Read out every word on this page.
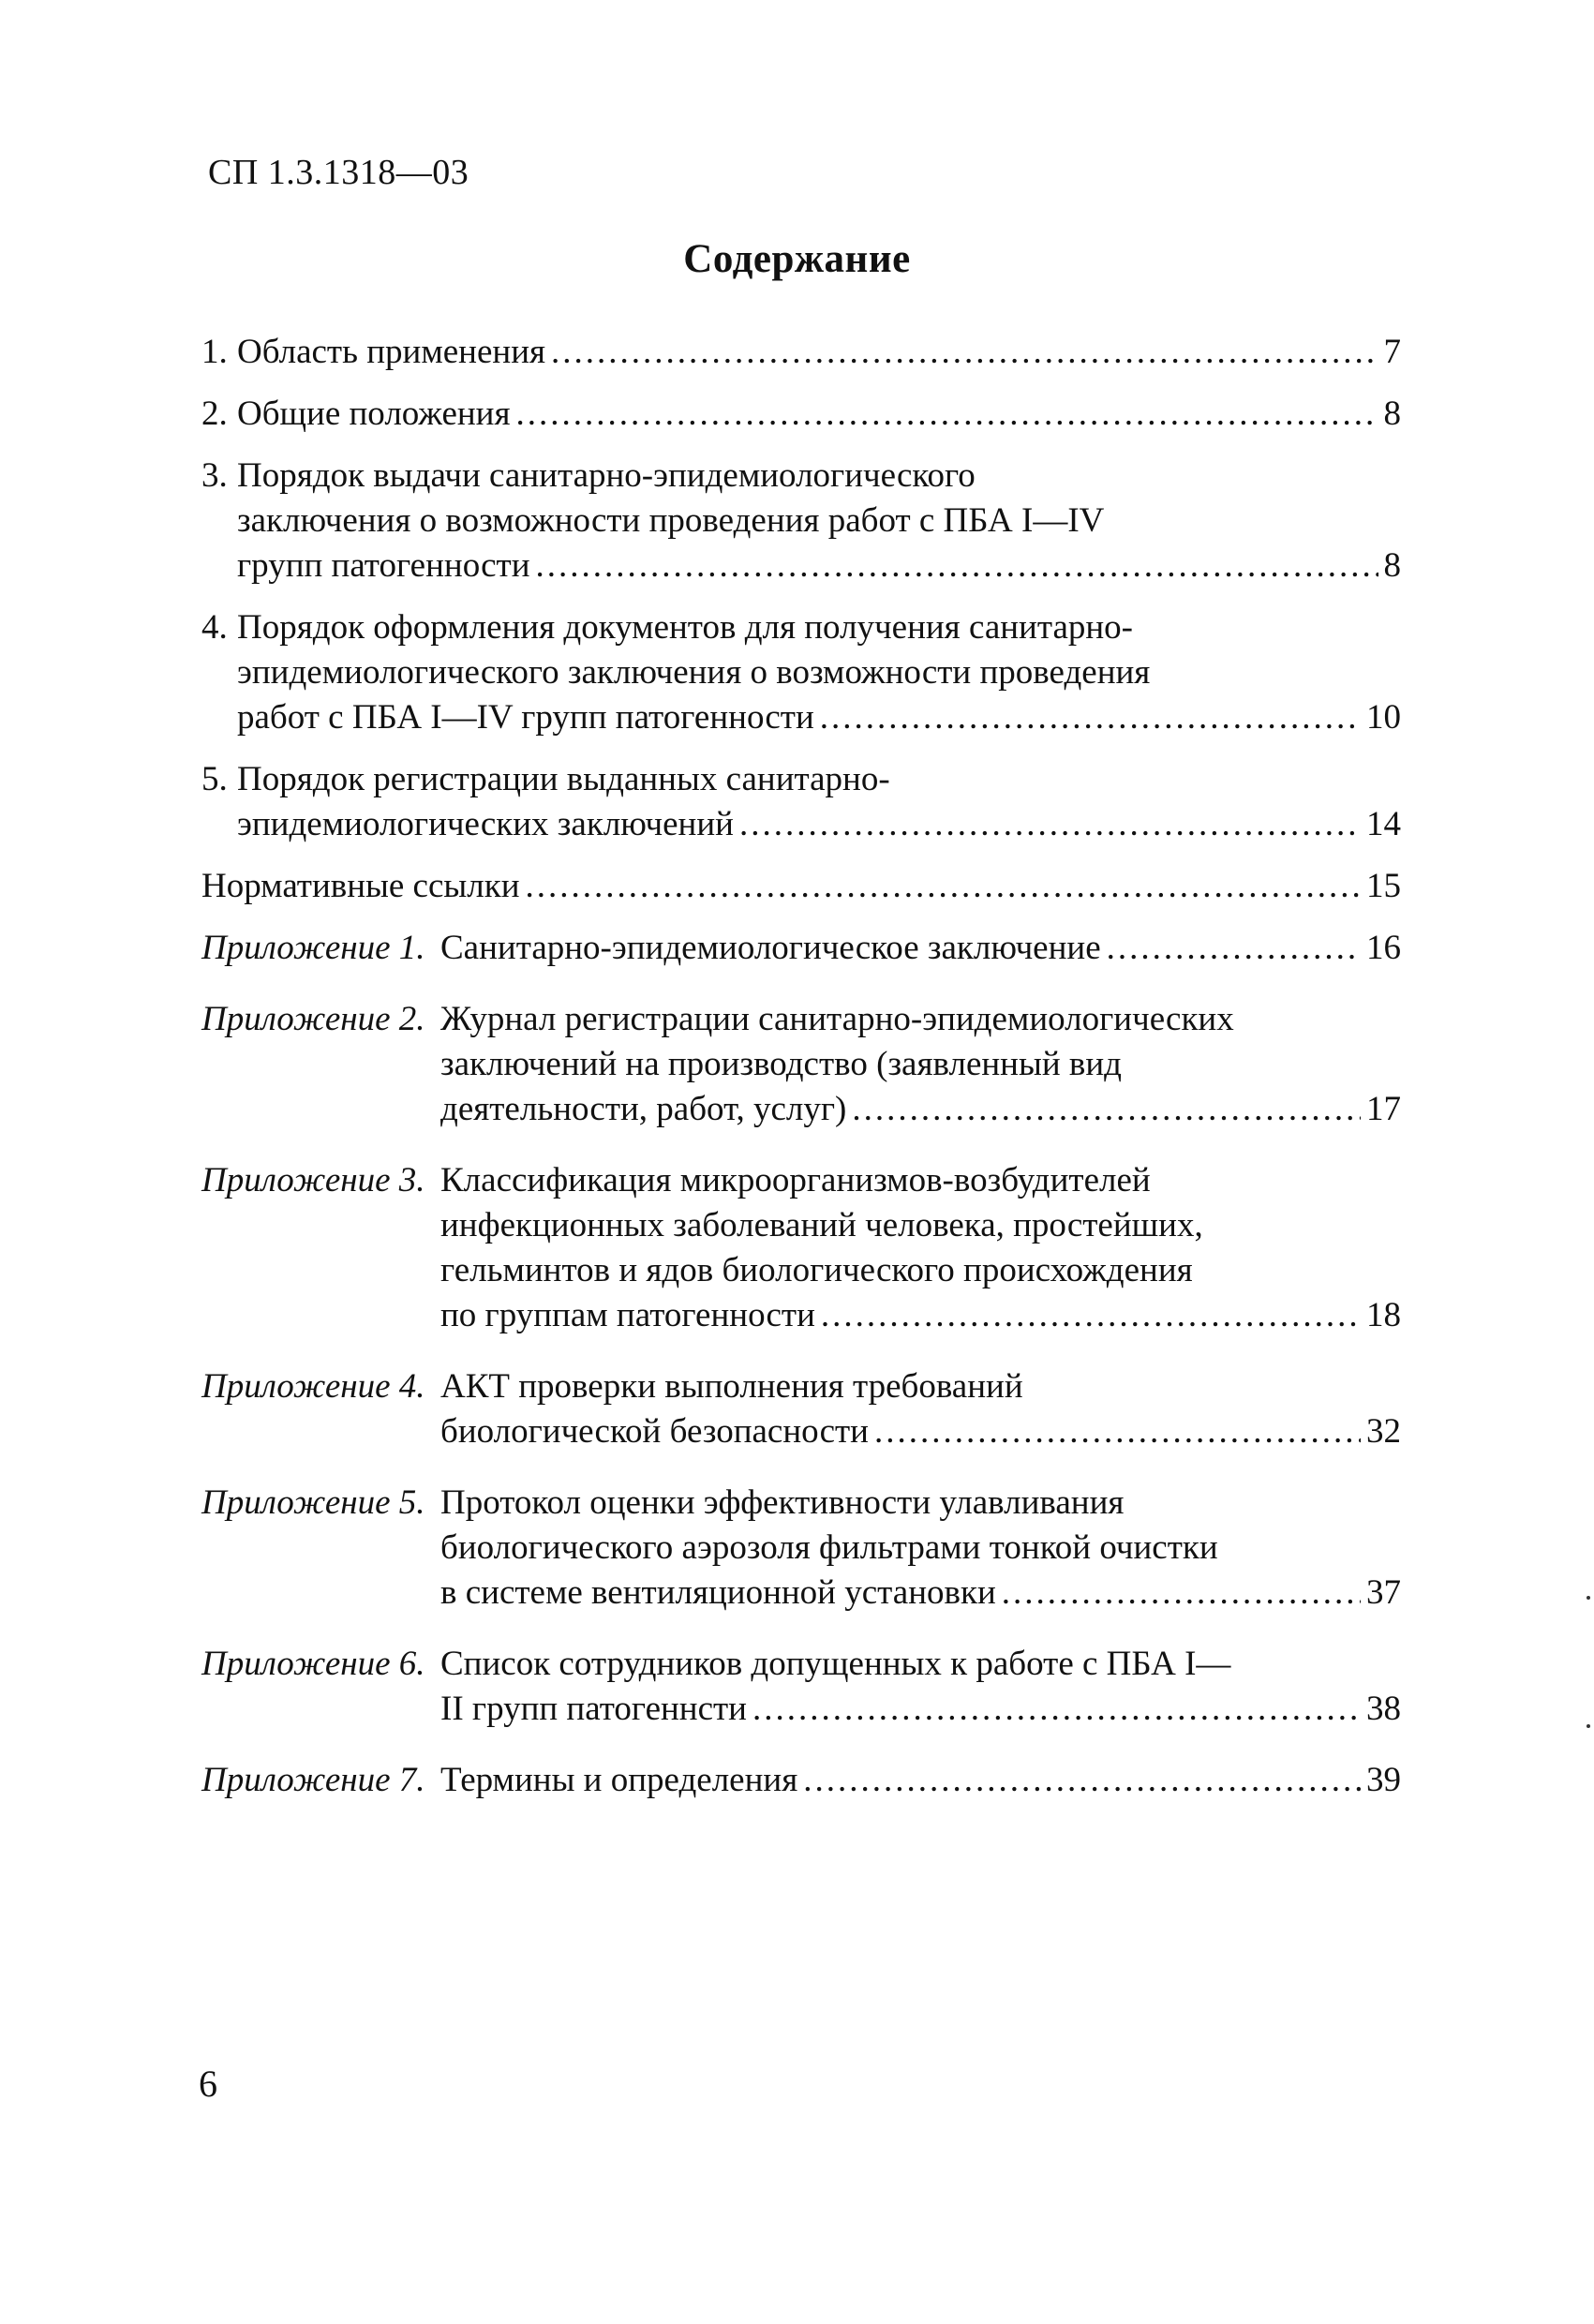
СП 1.3.1318—03
Содержание
1. Область применения .....	7
2. Общие положения .....	8
3. Порядок выдачи санитарно-эпидемиологического
заключения о возможности проведения работ с ПБА I—IV
групп патогенности .....	8
4. Порядок оформления документов для получения санитарно-
эпидемиологического заключения о возможности проведения
работ с ПБА I—IV групп патогенности .....	10
5. Порядок регистрации выданных санитарно-
эпидемиологических заключений .....	14
Нормативные ссылки .....	15
Приложение 1. Санитарно-эпидемиологическое заключение .....	16
Приложение 2. Журнал регистрации санитарно-эпидемиологических
заключений на производство (заявленный вид
деятельности, работ, услуг) .....	17
Приложение 3. Классификация микроорганизмов-возбудителей
инфекционных заболеваний человека, простейших,
гельминтов и ядов биологического происхождения
по группам патогенности .....	18
Приложение 4. АКТ проверки выполнения требований
биологической безопасности .....	32
Приложение 5. Протокол оценки эффективности улавливания
биологического аэрозоля фильтрами тонкой очистки
в системе вентиляционной установки .....	37
Приложение 6. Список сотрудников допущенных к работе с ПБА I—
II групп патогеннсти .....	38
Приложение 7. Термины и определения .....	39
6
